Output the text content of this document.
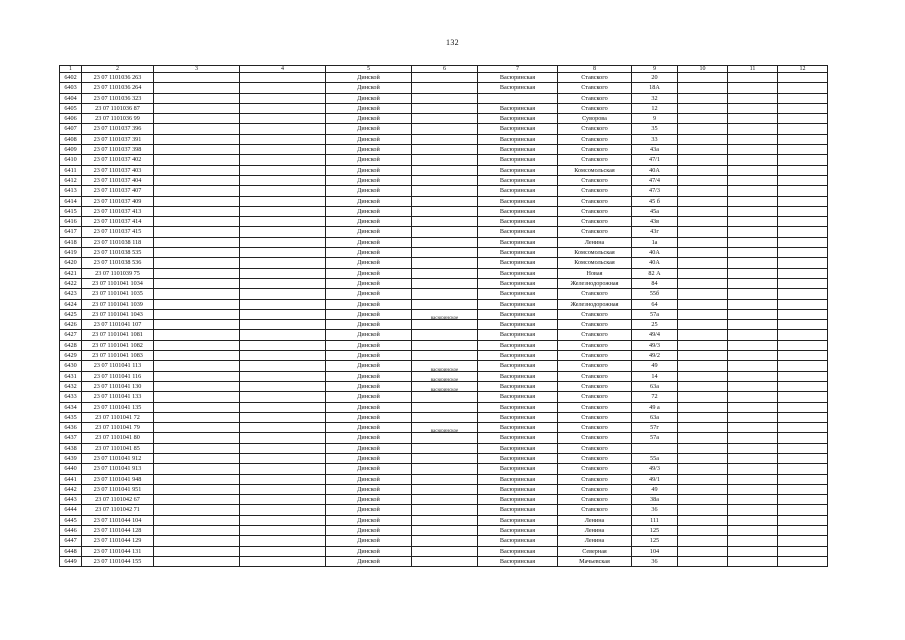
132
1	2	3	4	5	6	7	8	9	10	11	12
6402	23 07 1101036 263			Динской		Васюринская	Ставского	20			
6403	23 07 1101036 264			Динской		Васюринская	Ставского	18А			
6404	23 07 1101036 323			Динской			Ставского	32			
6405	23 07 1101036 87			Динской		Васюринская	Ставского	12			
6406	23 07 1101036 99			Динской		Васюринская	Суворова	9			
6407	23 07 1101037 396			Динской		Васюринская	Ставского	35			
6408	23 07 1101037 391			Динской		Васюринская	Ставского	33			
6409	23 07 1101037 398			Динской		Васюринская	Ставского	43а			
6410	23 07 1101037 402			Динской		Васюринская	Ставского	47/1			
6411	23 07 1101037 403			Динской		Васюринская	Комсомольская	40А			
6412	23 07 1101037 404			Динской		Васюринская	Ставского	47/4			
6413	23 07 1101037 407			Динской		Васюринская	Ставского	47/3			
6414	23 07 1101037 409			Динской		Васюринская	Ставского	45 б			
6415	23 07 1101037 413			Динской		Васюринская	Ставского	45а			
6416	23 07 1101037 414			Динской		Васюринская	Ставского	43в			
6417	23 07 1101037 415			Динской		Васюринская	Ставского	43г			
6418	23 07 1101038 118			Динской		Васюринская	Ленина	1а			
6419	23 07 1101038 535			Динской		Васюринская	Комсомольская	40А			
6420	23 07 1101038 536			Динской		Васюринская	Комсомольская	40А			
6421	23 07 1101039 75			Динской		Васюринская	Новая	82 А			
6422	23 07 1101041 1034			Динской		Васюринская	Железнодорожная	84			
6423	23 07 1101041 1035			Динской		Васюринская	Ставского	55б			
6424	23 07 1101041 1039			Динской		Васюринская	Железнодорожная	64			
6425	23 07 1101041 1043			Динской		Васюринская	Ставского	57а			
6426	23 07 1101041 107			Динской	васюринское	Васюринская	Ставского	25			
6427	23 07 1101041 1081			Динской		Васюринская	Ставского	49/4			
6428	23 07 1101041 1082			Динской		Васюринская	Ставского	49/3			
6429	23 07 1101041 1083			Динской		Васюринская	Ставского	49/2			
6430	23 07 1101041 113			Динской		Васюринская	Ставского	49			
6431	23 07 1101041 116			Динской	васюринское	Васюринская	Ставского	14			
6432	23 07 1101041 130			Динской	васюринское	Васюринская	Ставского	63а			
6433	23 07 1101041 133			Динской	васюринское	Васюринская	Ставского	72			
6434	23 07 1101041 135			Динской		Васюринская	Ставского	49 а			
6435	23 07 1101041 72			Динской		Васюринская	Ставского	63а			
6436	23 07 1101041 79			Динской		Васюринская	Ставского	57г			
6437	23 07 1101041 80			Динской	васюринское	Васюринская	Ставского	57а			
6438	23 07 1101041 85			Динской		Васюринская	Ставского				
6439	23 07 1101041 912			Динской		Васюринская	Ставского	55а			
6440	23 07 1101041 913			Динской		Васюринская	Ставского	49/3			
6441	23 07 1101041 948			Динской		Васюринская	Ставского	49/1			
6442	23 07 1101041 951			Динской		Васюринская	Ставского	49			
6443	23 07 1101042 67			Динской		Васюринская	Ставского	38а			
6444	23 07 1101042 71			Динской		Васюринская	Ставского	36			
6445	23 07 1101044 104			Динской		Васюринская	Ленина	111			
6446	23 07 1101044 128			Динской		Васюринская	Ленина	125			
6447	23 07 1101044 129			Динской		Васюринская	Ленина	125			
6448	23 07 1101044 131			Динской		Васюринская	Северная	104			
6449	23 07 1101044 155			Динской		Васюринская	Мачьевская	36			
